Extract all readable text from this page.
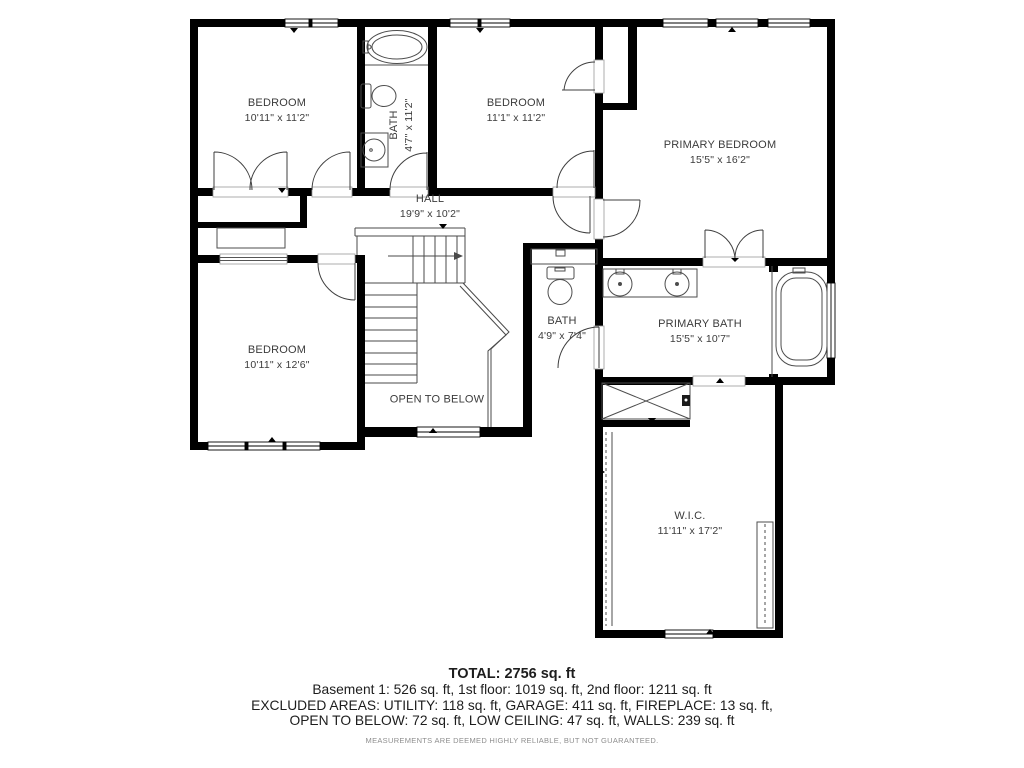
BEDROOM
10'11" x 11'2"	BATH 4'7" x 11'2"	BEDROOM
11'1" x 11'2"
PRIMARY BEDROOM
15'5" x 16'2"
HALL
19'9" x 10'2"
BEDROOM
10'11" x 12'6"
BATH
4'9" x 7'4"
PRIMARY BATH
15'5" x 10'7"
OPEN TO BELOW
W.I.C.
11'11" x 17'2"
TOTAL: 2756 sq. ft
Basement 1: 526 sq. ft, 1st floor: 1019 sq. ft, 2nd floor: 1211 sq. ft
EXCLUDED AREAS: UTILITY: 118 sq. ft, GARAGE: 411 sq. ft, FIREPLACE: 13 sq. ft,
OPEN TO BELOW: 72 sq. ft, LOW CEILING: 47 sq. ft, WALLS: 239 sq. ft
MEASUREMENTS ARE DEEMED HIGHLY RELIABLE, BUT NOT GUARANTEED.
